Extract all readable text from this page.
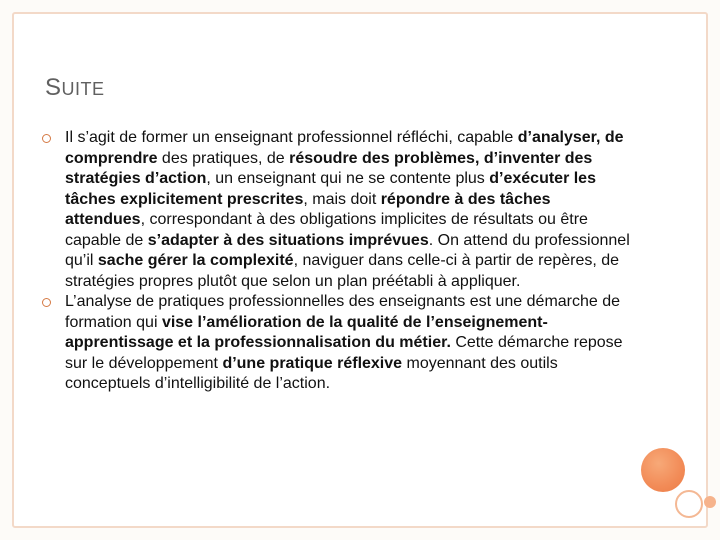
SUITE
Il s’agit de former un enseignant professionnel réfléchi, capable d’analyser, de comprendre des pratiques, de résoudre des problèmes, d’inventer des stratégies d’action, un enseignant qui ne se contente plus d’exécuter les tâches explicitement prescrites, mais doit répondre à des tâches attendues, correspondant à des obligations implicites de résultats ou être capable de s’adapter à des situations imprévues. On attend du professionnel qu’il sache gérer la complexité, naviguer dans celle-ci à partir de repères, de stratégies propres plutôt que selon un plan préétabli à appliquer.
L’analyse de pratiques professionnelles des enseignants est une démarche de formation qui vise l’amélioration de la qualité de l’enseignement-apprentissage et la professionnalisation du métier. Cette démarche repose sur le développement d’une pratique réflexive moyennant des outils conceptuels d’intelligibilité de l’action.
